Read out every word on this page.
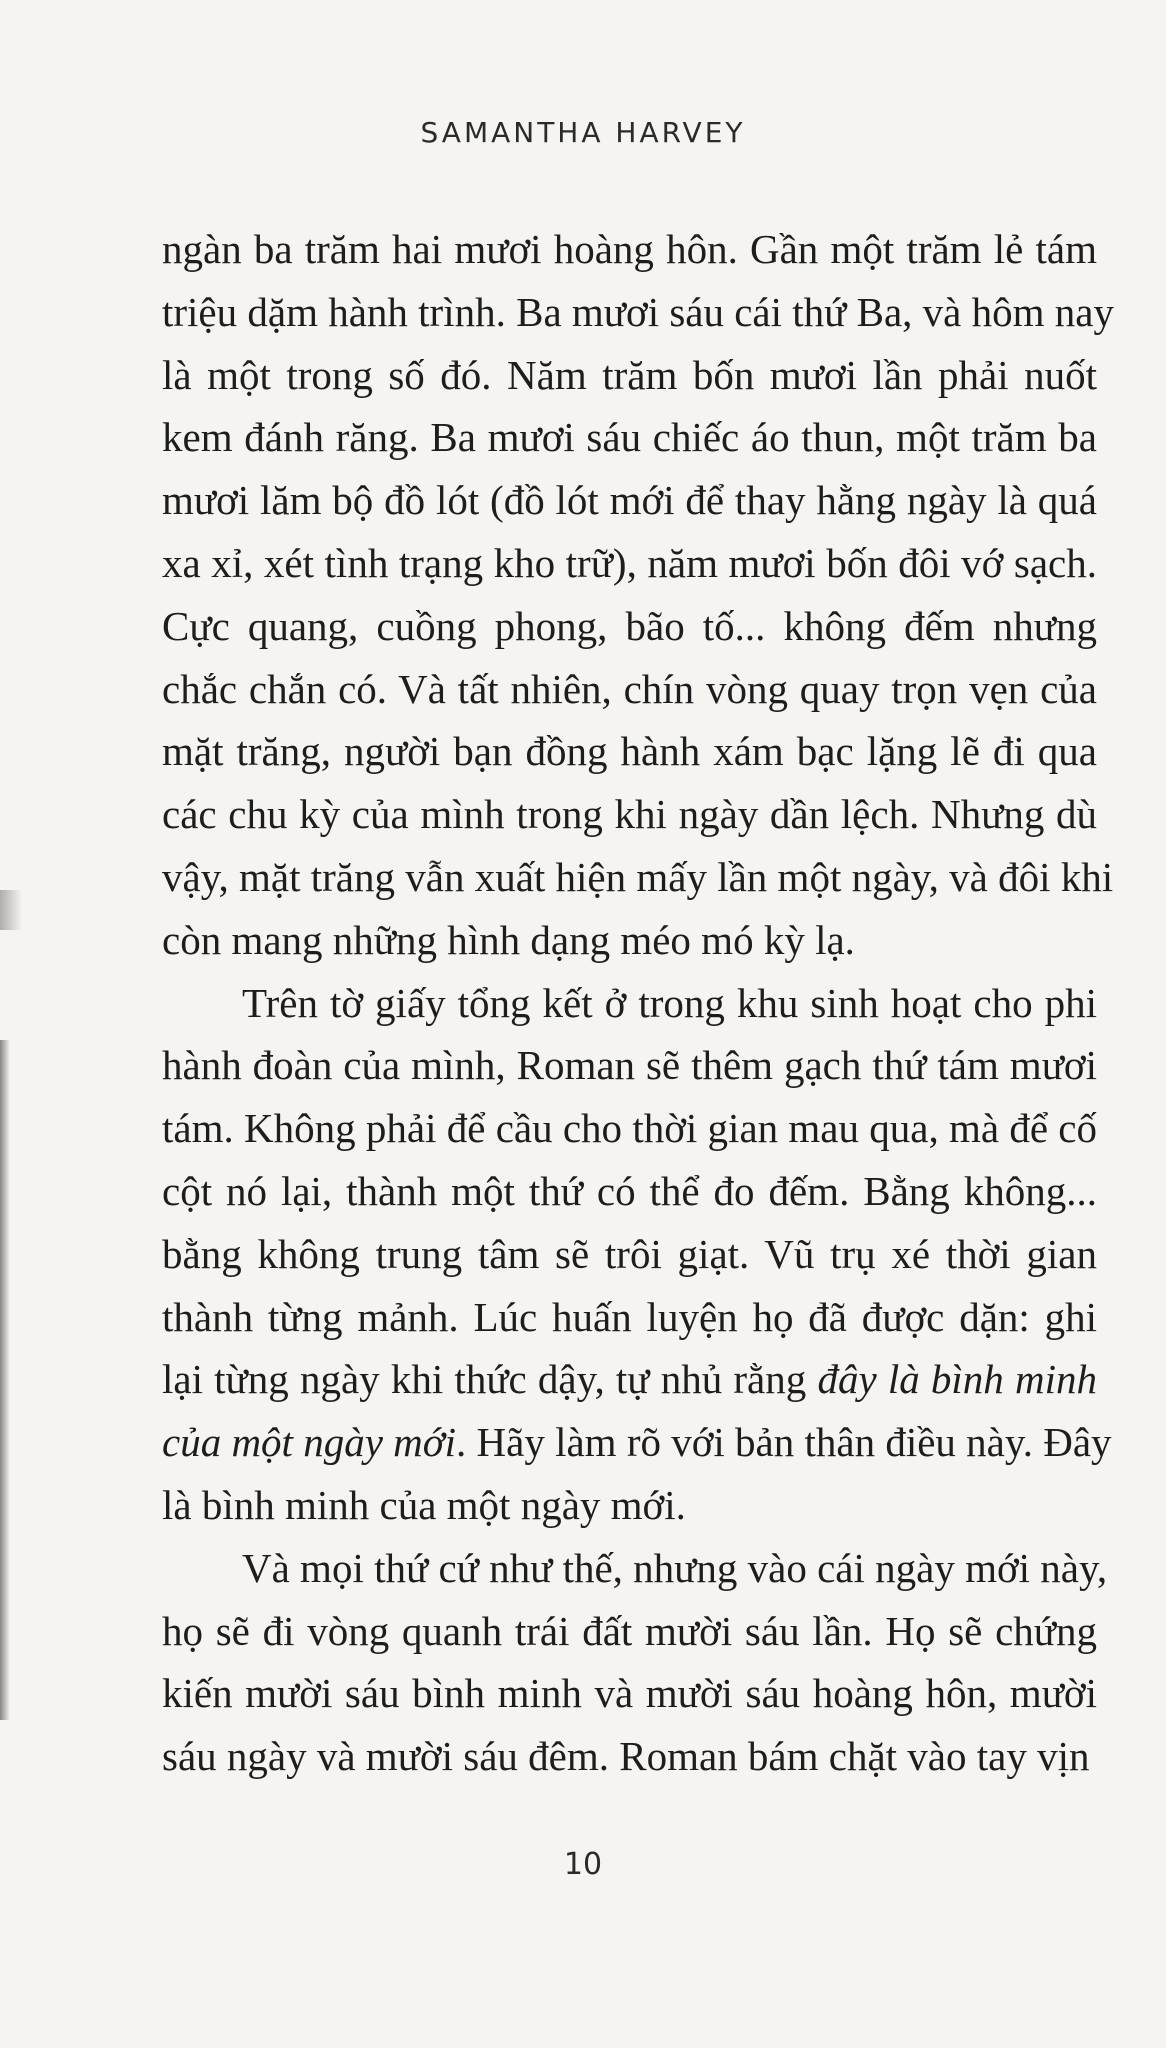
SAMANTHA HARVEY

ngàn ba trăm hai mươi hoàng hôn. Gần một trăm lẻ tám
triệu dặm hành trình. Ba mươi sáu cái thứ Ba, và hôm nay
là một trong số đó. Năm trăm bốn mươi lần phải nuốt
kem đánh răng. Ba mươi sáu chiếc áo thun, một trăm ba
mươi lăm bộ đồ lót (đồ lót mới để thay hằng ngày là quá
xa xỉ, xét tình trạng kho trữ), năm mươi bốn đôi vớ sạch.
Cực quang, cuồng phong, bão tố... không đếm nhưng
chắc chắn có. Và tất nhiên, chín vòng quay trọn vẹn của
mặt trăng, người bạn đồng hành xám bạc lặng lẽ đi qua
các chu kỳ của mình trong khi ngày dần lệch. Nhưng dù
vậy, mặt trăng vẫn xuất hiện mấy lần một ngày, và đôi khi
còn mang những hình dạng méo mó kỳ lạ.

Trên tờ giấy tổng kết ở trong khu sinh hoạt cho phi
hành đoàn của mình, Roman sẽ thêm gạch thứ tám mươi
tám. Không phải để cầu cho thời gian mau qua, mà để cố
cột nó lại, thành một thứ có thể đo đếm. Bằng không...
bằng không trung tâm sẽ trôi giạt. Vũ trụ xé thời gian
thành từng mảnh. Lúc huấn luyện họ đã được dặn: ghi
lại từng ngày khi thức dậy, tự nhủ rằng đây là bình minh
của một ngày mới. Hãy làm rõ với bản thân điều này. Đây
là bình minh của một ngày mới.

Và mọi thứ cứ như thế, nhưng vào cái ngày mới này,
họ sẽ đi vòng quanh trái đất mười sáu lần. Họ sẽ chứng
kiến mười sáu bình minh và mười sáu hoàng hôn, mười
sáu ngày và mười sáu đêm. Roman bám chặt vào tay vịn

10
